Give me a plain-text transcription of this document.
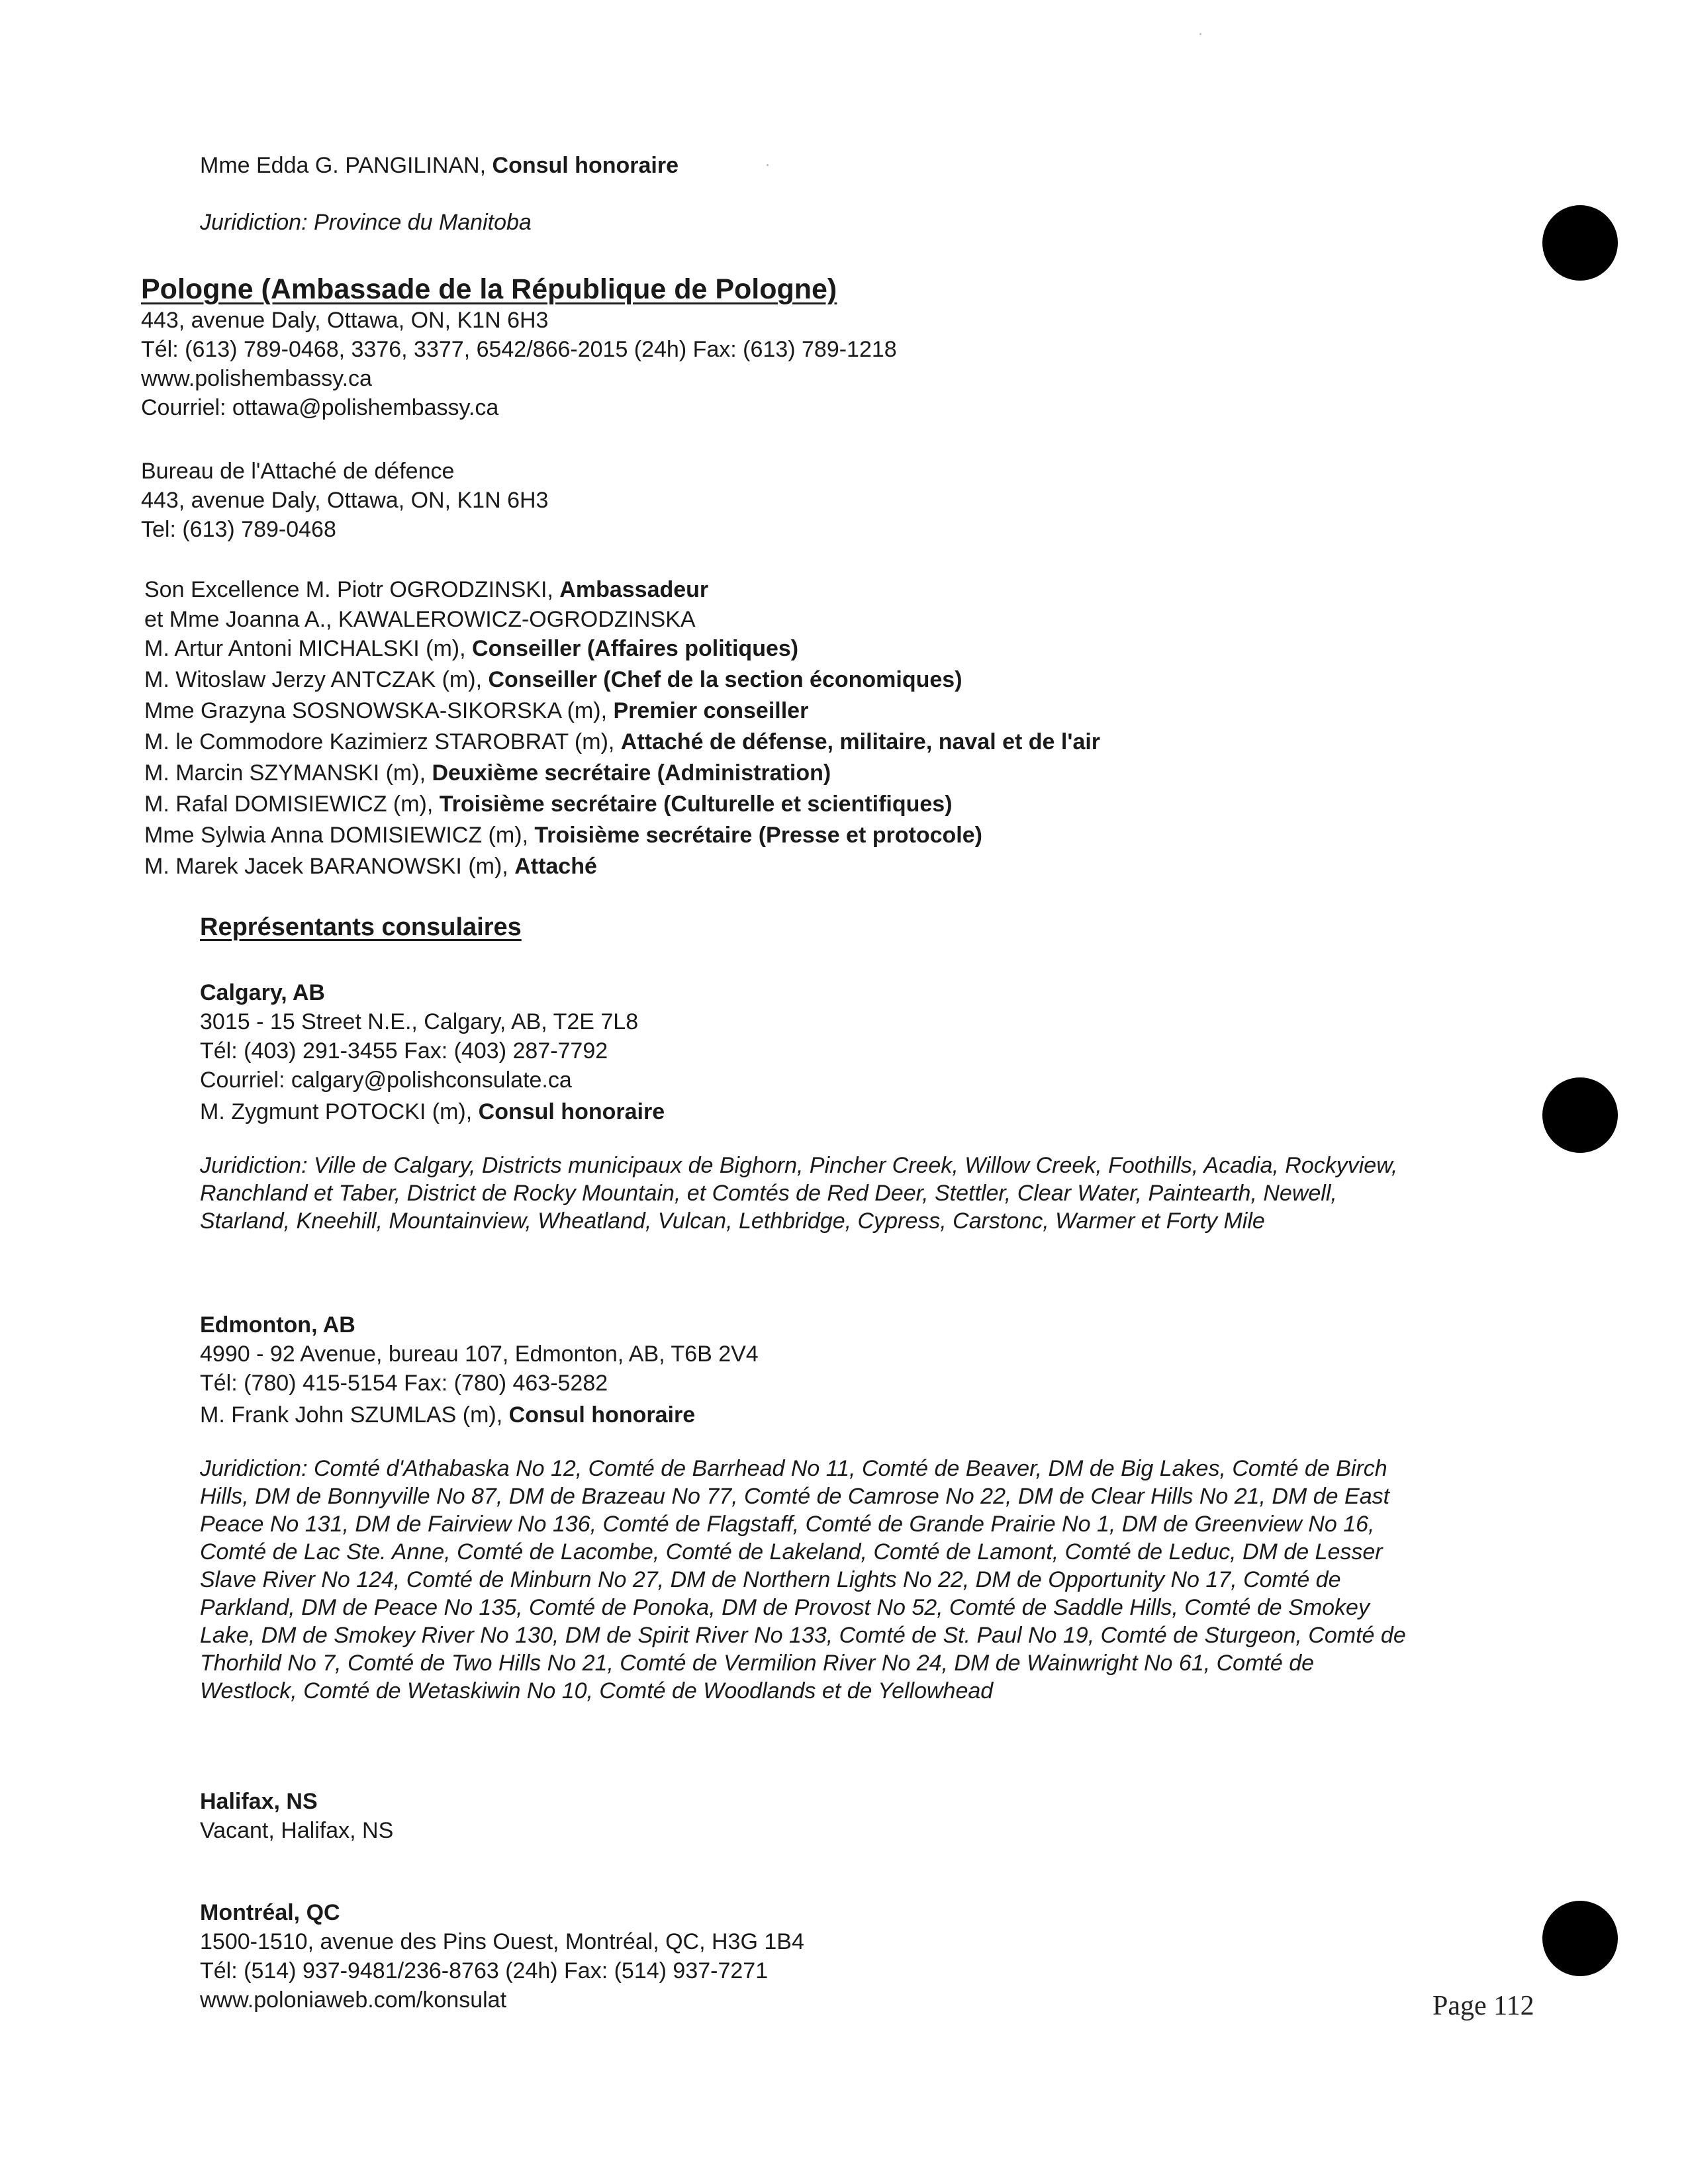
Mme Edda G. PANGILINAN, Consul honoraire
Juridiction: Province du Manitoba
Pologne (Ambassade de la République de Pologne)
443, avenue Daly, Ottawa, ON, K1N 6H3
Tél: (613) 789-0468, 3376, 3377, 6542/866-2015 (24h) Fax: (613) 789-1218
www.polishembassy.ca
Courriel: ottawa@polishembassy.ca
Bureau de l'Attaché de défence
443, avenue Daly, Ottawa, ON, K1N 6H3
Tel: (613) 789-0468
Son Excellence M. Piotr OGRODZINSKI, Ambassadeur
et Mme Joanna A., KAWALEROWICZ-OGRODZINSKA
M. Artur Antoni MICHALSKI (m), Conseiller (Affaires politiques)
M. Witoslaw Jerzy ANTCZAK (m), Conseiller (Chef de la section économiques)
Mme Grazyna SOSNOWSKA-SIKORSKA (m), Premier conseiller
M. le Commodore Kazimierz STAROBRAT (m), Attaché de défense, militaire, naval et de l'air
M. Marcin SZYMANSKI (m), Deuxième secrétaire (Administration)
M. Rafal DOMISIEWICZ (m), Troisième secrétaire (Culturelle et scientifiques)
Mme Sylwia Anna DOMISIEWICZ (m), Troisième secrétaire (Presse et protocole)
M. Marek Jacek BARANOWSKI (m), Attaché
Représentants consulaires
Calgary, AB
3015 - 15 Street N.E., Calgary, AB, T2E 7L8
Tél: (403) 291-3455 Fax: (403) 287-7792
Courriel: calgary@polishconsulate.ca
M. Zygmunt POTOCKI (m), Consul honoraire
Juridiction: Ville de Calgary, Districts municipaux de Bighorn, Pincher Creek, Willow Creek, Foothills, Acadia, Rockyview,
Ranchland et Taber, District de Rocky Mountain, et Comtés de Red Deer, Stettler, Clear Water, Paintearth, Newell,
Starland, Kneehill, Mountainview, Wheatland, Vulcan, Lethbridge, Cypress, Carstonc, Warmer et Forty Mile
Edmonton, AB
4990 - 92 Avenue, bureau 107, Edmonton, AB, T6B 2V4
Tél: (780) 415-5154 Fax: (780) 463-5282
M. Frank John SZUMLAS (m), Consul honoraire
Juridiction: Comté d'Athabaska No 12, Comté de Barrhead No 11, Comté de Beaver, DM de Big Lakes, Comté de Birch
Hills, DM de Bonnyville No 87, DM de Brazeau No 77, Comté de Camrose No 22, DM de Clear Hills No 21, DM de East
Peace No 131, DM de Fairview No 136, Comté de Flagstaff, Comté de Grande Prairie No 1, DM de Greenview No 16,
Comté de Lac Ste. Anne, Comté de Lacombe, Comté de Lakeland, Comté de Lamont, Comté de Leduc, DM de Lesser
Slave River No 124, Comté de Minburn No 27, DM de Northern Lights No 22, DM de Opportunity No 17, Comté de
Parkland, DM de Peace No 135, Comté de Ponoka, DM de Provost No 52, Comté de Saddle Hills, Comté de Smokey
Lake, DM de Smokey River No 130, DM de Spirit River No 133, Comté de St. Paul No 19, Comté de Sturgeon, Comté de
Thorhild No 7, Comté de Two Hills No 21, Comté de Vermilion River No 24, DM de Wainwright No 61, Comté de
Westlock, Comté de Wetaskiwin No 10, Comté de Woodlands et de Yellowhead
Halifax, NS
Vacant, Halifax, NS
Montréal, QC
1500-1510, avenue des Pins Ouest, Montréal, QC, H3G 1B4
Tél: (514) 937-9481/236-8763 (24h) Fax: (514) 937-7271
www.poloniaweb.com/konsulat	Page 112
